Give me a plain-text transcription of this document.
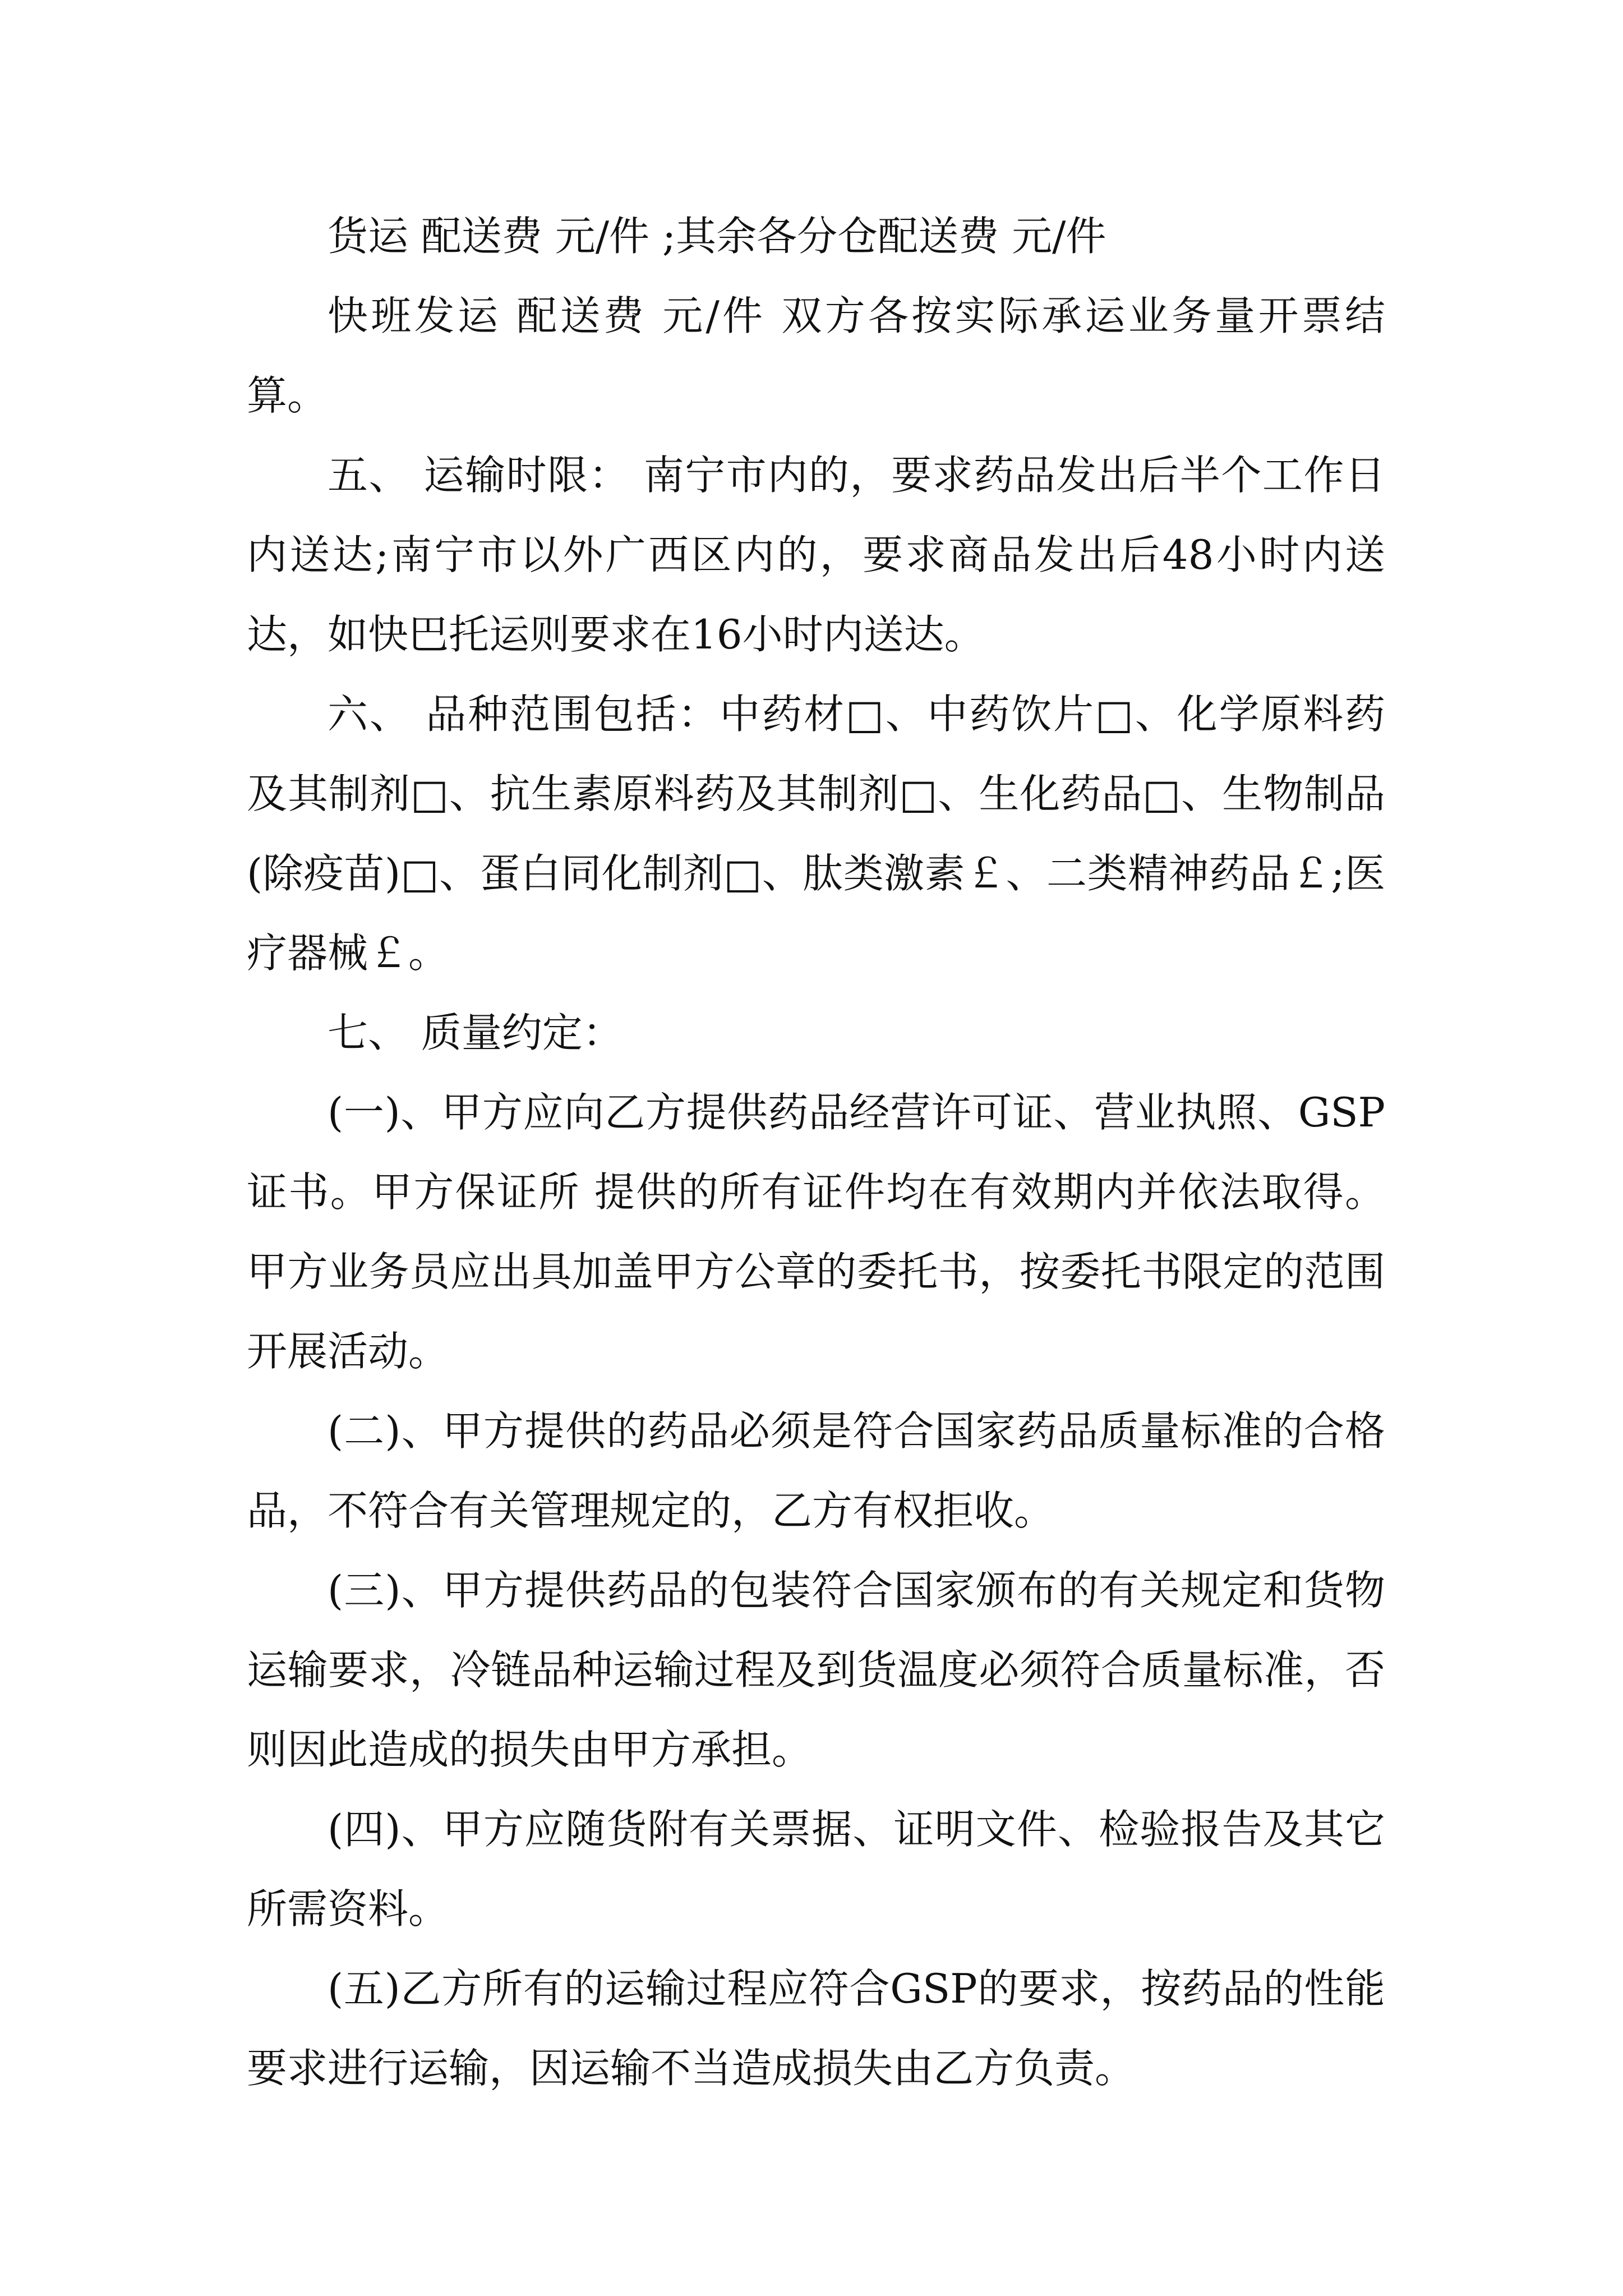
货运 配送费 元/件 ;其余各分仓配送费 元/件

快班发运 配送费 元/件 双方各按实际承运业务量开票结算。

五、 运输时限： 南宁市内的，要求药品发出后半个工作日内送达;南宁市以外广西区内的，要求商品发出后48小时内送达，如快巴托运则要求在16小时内送达。

六、 品种范围包括：中药材□、中药饮片□、化学原料药及其制剂□、抗生素原料药及其制剂□、生化药品□、生物制品(除疫苗)□、蛋白同化制剂□、肽类激素￡、二类精神药品￡;医疗器械￡。

七、 质量约定：

(一)、甲方应向乙方提供药品经营许可证、营业执照、GSP证书。甲方保证所 提供的所有证件均在有效期内并依法取得。甲方业务员应出具加盖甲方公章的委托书，按委托书限定的范围开展活动。

(二)、甲方提供的药品必须是符合国家药品质量标准的合格品，不符合有关管理规定的，乙方有权拒收。

(三)、甲方提供药品的包装符合国家颁布的有关规定和货物运输要求，冷链品种运输过程及到货温度必须符合质量标准，否则因此造成的损失由甲方承担。

(四)、甲方应随货附有关票据、证明文件、检验报告及其它所需资料。

(五)乙方所有的运输过程应符合GSP的要求，按药品的性能要求进行运输，因运输不当造成损失由乙方负责。
